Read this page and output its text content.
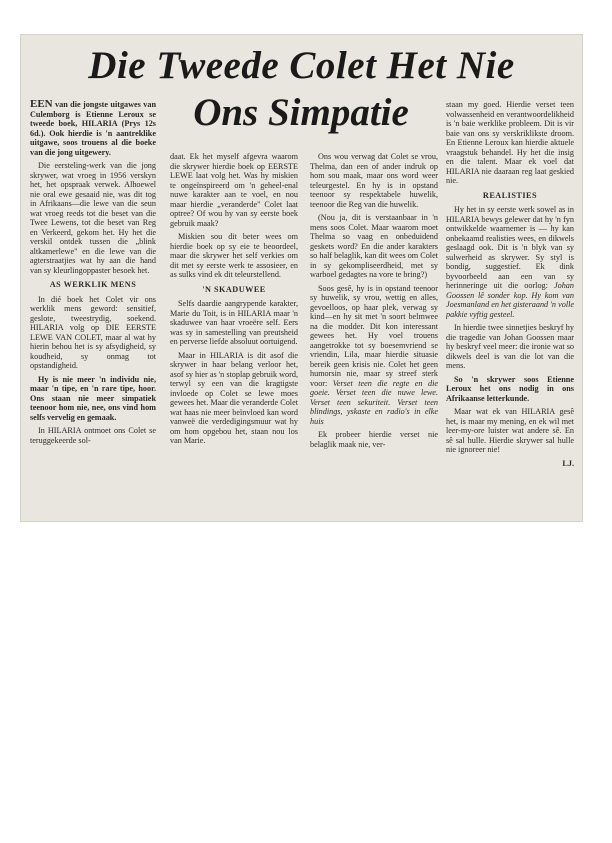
Die Tweede Colet Het Nie
Ons Simpatie

EEN van die jongste uitgawes van Culemborg is Etienne Leroux se tweede boek, HILARIA (Prys 12s 6d.). Ook hierdie is 'n aantreklike uitgawe, soos trouens al die boeke van die jong uitgewery.

Die eersteling-werk van die jong skrywer, wat vroeg in 1956 verskyn het, het opspraak verwek. Alhoewel nie oral ewe gesaaid nie, was dit tog in Afrikaans—die lewe van die seun wat vroeg reeds tot die beset van die Twee Lewens, tot die beset van Reg en Verkeerd, gekom het. Hy het die verskil ontdek tussen die „blink altkamerlewe" en die lewe van die agterstraatjies wat hy aan die hand van sy kleurlingoppaster besoek het.

AS WERKLIK MENS

In dié boek het Colet vir ons werklik mens geword: sensitief, geslote, tweestrydig, soekend. HILARIA volg op DIE EERSTE LEWE VAN COLET, maar al wat hy hierin behou het is sy afsydigheid, sy koudheid, sy onmag tot opstandigheid.

Hy is nie meer 'n individu nie, maar 'n tipe, en 'n rare tipe, hoor. Ons staan nie meer simpatiek teenoor hom nie, nee, ons vind hom selfs vervelig en gemaak.

In HILARIA ontmoet ons Colet se teruggekeerde sol-

daat. Ek het myself afgevra waarom die skrywer hierdie boek op EERSTE LEWE laat volg het. Was hy miskien te ongeïnspireerd om 'n geheel-enal nuwe karakter aan te voel, en nou maar hierdie „veranderde" Colet laat optree? Of wou hy van sy eerste boek gebruik maak?

Miskien sou dit beter wees om hierdie boek op sy eie te beoordeel, maar die skrywer het self verkies om dit met sy eerste werk te assosieer, en as sulks vind ek dit teleurstellend.

'N SKADUWEE

Selfs daardie aangrypende karakter, Marie du Toit, is in HILARIA maar 'n skaduwee van haar vroeëre self. Eers was sy in samestelling van preutsheid en perverse liefde absoluut oortuigend.

Maar in HILARIA is dit asof die skrywer in haar belang verloor het, asof sy hier as 'n stoplap gebruik word, terwyl sy een van die kragtigste invloede op Colet se lewe moes gewees het. Maar die veranderde Colet wat haas nie meer beïnvloed kan word vanweë die verdedigingsmuur wat hy om hom opgebou het, staan nou los van Marie.

Ons wou verwag dat Colet se vrou, Thelma, dan een of ander indruk op hom sou maak, maar ons word weer teleurgestel. En hy is in opstand teenoor sy respektabele huwelik, teenoor die Reg van die huwelik.

(Nou ja, dit is verstaanbaar in 'n mens soos Colet. Maar waarom moet Thelma so vaag en onbeduidend geskets word? En die ander karakters so half belaglik, kan dit wees om Colet in sy gekompliseerdheid, met sy warboel gedagtes na vore te bring?)

Soos gesê, hy is in opstand teenoor sy huwelik, sy vrou, wettig en alles, gevoelloos, op haar plek, verwag sy kind—en hy sit met 'n soort belmwee na die modder. Dit kon interessant gewees het. Hy voel trouens aangetrokke tot sy boesemvriend se vriendin, Lila, maar hierdie situasie bereik geen krisis nie. Colet het geen humorsin nie, maar sy streef sterk voor: Verset teen die regte en die goeie. Verset teen die nuwe lewe. Verset teen sekuriteit. Verset teen blindings, yskaste en radio's in elke huis

Ek probeer hierdie verset nie belaglik maak nie, ver-

staan my goed. Hierdie verset teen volwassenheid en verantwoordelikheid is 'n baie werklike probleem. Dit is vir baie van ons sy verskriklikste droom. En Etienne Leroux kan hierdie aktuele vraagstuk behandel. Hy het die insig en die talent. Maar ek voel dat HILARIA nie daaraan reg laat geskied nie.

REALISTIES

Hy het in sy eerste werk sowel as in HILARIA bewys gelewer dat hy 'n fyn ontwikkelde waarnemer is — hy kan onbekaamd realisties wees, en dikwels geslaagd ook. Dit is 'n blyk van sy sulwerheid as skrywer. Sy styl is bondig, suggestief. Ek dink byvoorbeeld aan een van sy herinneringe uit die oorlog: Johan Goossen lê sonder kop. Hy kom van Joesmanland en het gisteraand 'n volle pakkie vyftig gesteel.

In hierdie twee sinnetjies beskryf hy die tragedie van Johan Goossen maar hy beskryf veel meer: die ironie wat so dikwels deel is van die lot van die mens.

So 'n skrywer soos Etienne Leroux het ons nodig in ons Afrikaanse letterkunde.

Maar wat ek van HILARIA gesê het, is maar my mening, en ek wil met leer-my-ore luister wat andere sê. En sê sal hulle. Hierdie skrywer sal hulle nie ignoreer nie!

LJ.
